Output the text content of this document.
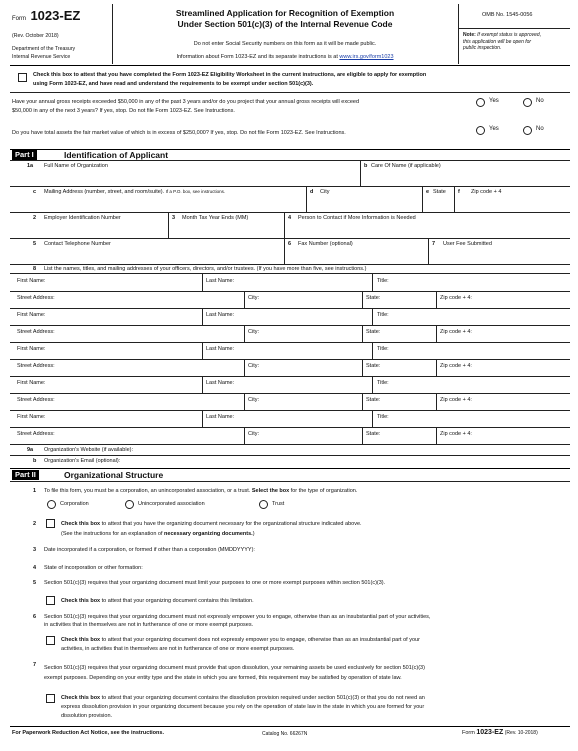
Form 1023-EZ
(Rev. October 2018)
Department of the Treasury
Internal Revenue Service
Streamlined Application for Recognition of Exemption
Under Section 501(c)(3) of the Internal Revenue Code
Do not enter Social Security numbers on this form as it will be made public.
Information about Form 1023-EZ and its separate instructions is at www.irs.gov/form1023
OMB No. 1545-0056
Note: If exempt status is approved,
this application will be open for
public inspection.
Check this box to attest that you have completed the Form 1023-EZ Eligibility Worksheet in the current instructions, are eligible to apply for exemption
using Form 1023-EZ, and have read and understand the requirements to be exempt under section 501(c)(3).
Have your annual gross receipts exceeded $50,000 in any of the past 3 years and/or do you project that your annual gross receipts will exceed
$50,000 in any of the next 3 years? If yes, stop. Do not file Form 1023-EZ. See Instructions.
Yes	No
Do you have total assets the fair market value of which is in excess of $250,000? If yes, stop. Do not file Form 1023-EZ. See Instructions.
Yes	No
Part I	Identification of Applicant
1a Full Name of Organization	b Care Of Name (if applicable)
c Mailing Address (number, street, and room/suite). If a P.O. box, see instructions.	d City	e State f Zip code + 4
2 Employer Identification Number	3 Month Tax Year Ends (MM)	4 Person to Contact if More Information is Needed
5 Contact Telephone Number	6 Fax Number (optional)	7 User Fee Submitted
8 List the names, titles, and mailing addresses of your officers, directors, and/or trustees. (If you have more than five, see instructions.)
9a Organization's Website (if available):
b Organization's Email (optional):
Part II	Organizational Structure
1 To file this form, you must be a corporation, an unincorporated association, or a trust. Select the box for the type of organization.
Corporation	Unincorporated association	Trust
2	Check this box to attest that you have the organizing document necessary for the organizational structure indicated above.
(See the instructions for an explanation of necessary organizing documents.)
3 Date incorporated if a corporation, or formed if other than a corporation (MMDDYYYY):
4 State of incorporation or other formation:
5 Section 501(c)(3) requires that your organizing document must limit your purposes to one or more exempt purposes within section 501(c)(3).
Check this box to attest that your organizing document contains this limitation.
6 Section 501(c)(3) requires that your organizing document must not expressly empower you to engage, otherwise than as an insubstantial part of your activities,
in activities that in themselves are not in furtherance of one or more exempt purposes.
Check this box to attest that your organizing document does not expressly empower you to engage, otherwise than as an insubstantial part of your
activities, in activities that in themselves are not in furtherance of one or more exempt purposes.
7 Section 501(c)(3) requires that your organizing document must provide that upon dissolution, your remaining assets be used exclusively for section 501(c)(3)
exempt purposes. Depending on your entity type and the state in which you are formed, this requirement may be satisfied by operation of state law.
Check this box to attest that your organizing document contains the dissolution provision required under section 501(c)(3) or that you do not need an
express dissolution provision in your organizing document because you rely on the operation of state law in the state in which you are formed for your
dissolution provision.
For Paperwork Reduction Act Notice, see the instructions.	Catalog No. 66267N	Form 1023-EZ (Rev. 10-2018)
First Name:	Last Name:	Title:
Street Address:	City:	State:	Zip code + 4:
First Name:	Last Name:	Title:
Street Address:	City:	State:	Zip code + 4:
First Name:	Last Name:	Title:
Street Address:	City:	State:	Zip code + 4:
First Name:	Last Name:	Title:
Street Address:	City:	State:	Zip code + 4:
First Name:	Last Name:	Title:
Street Address:	City:	State:	Zip code + 4:
